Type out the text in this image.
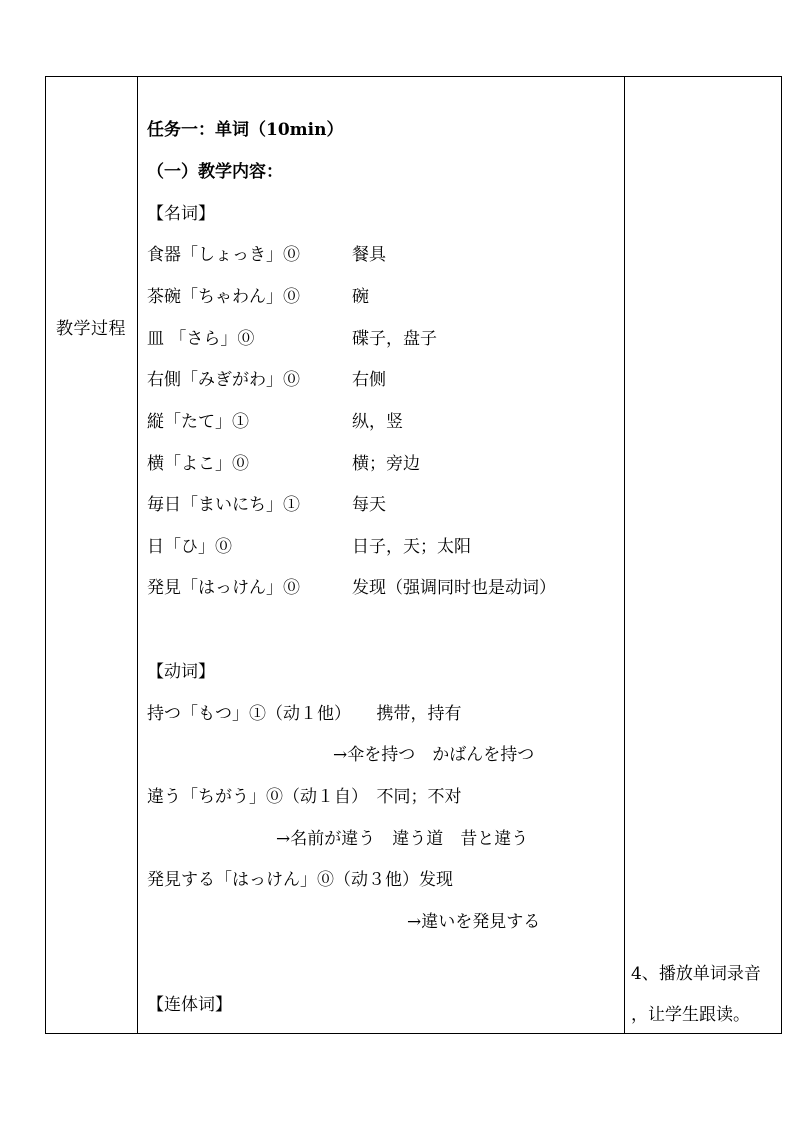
教学过程
任务一：单词（10min）
（一）教学内容：
【名词】
食器「しょっき」⓪	餐具
茶碗「ちゃわん」⓪	碗
皿 「さら」⓪	碟子，盘子
右側「みぎがわ」⓪	右侧
縦「たて」①	纵，竖
横「よこ」⓪	横；旁边
毎日「まいにち」①	每天
日「ひ」⓪	日子，天；太阳
発見「はっけん」⓪	发现（强调同时也是动词）
【动词】
持つ「もつ」①（动１他）　　携带，持有
→伞を持つ　かばんを持つ
違う「ちがう」⓪（动１自）　不同；不对
→名前が違う　違う道　昔と違う
発見する「はっけん」⓪（动３他）发现
→違いを発見する
【连体词】
4、播放单词录音
，让学生跟读。
